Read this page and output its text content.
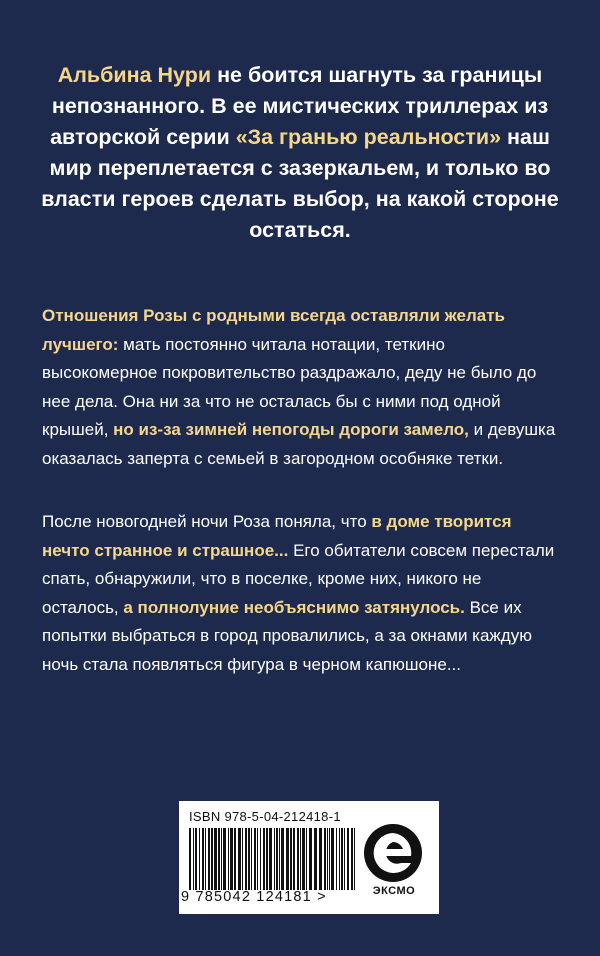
Альбина Нури не боится шагнуть за границы непознанного. В ее мистических триллерах из авторской серии «За гранью реальности» наш мир переплетается с зазеркальем, и только во власти героев сделать выбор, на какой стороне остаться.
Отношения Розы с родными всегда оставляли желать лучшего: мать постоянно читала нотации, теткино высокомерное покровительство раздражало, деду не было до нее дела. Она ни за что не осталась бы с ними под одной крышей, но из-за зимней непогоды дороги замело, и девушка оказалась заперта с семьей в загородном особняке тетки.
После новогодней ночи Роза поняла, что в доме творится нечто странное и страшное... Его обитатели совсем перестали спать, обнаружили, что в поселке, кроме них, никого не осталось, а полнолуние необъяснимо затянулось. Все их попытки выбраться в город провалились, а за окнами каждую ночь стала появляться фигура в черном капюшоне...
ISBN 978-5-04-212418-1
9 785042 124181 >	ЭКСМО
